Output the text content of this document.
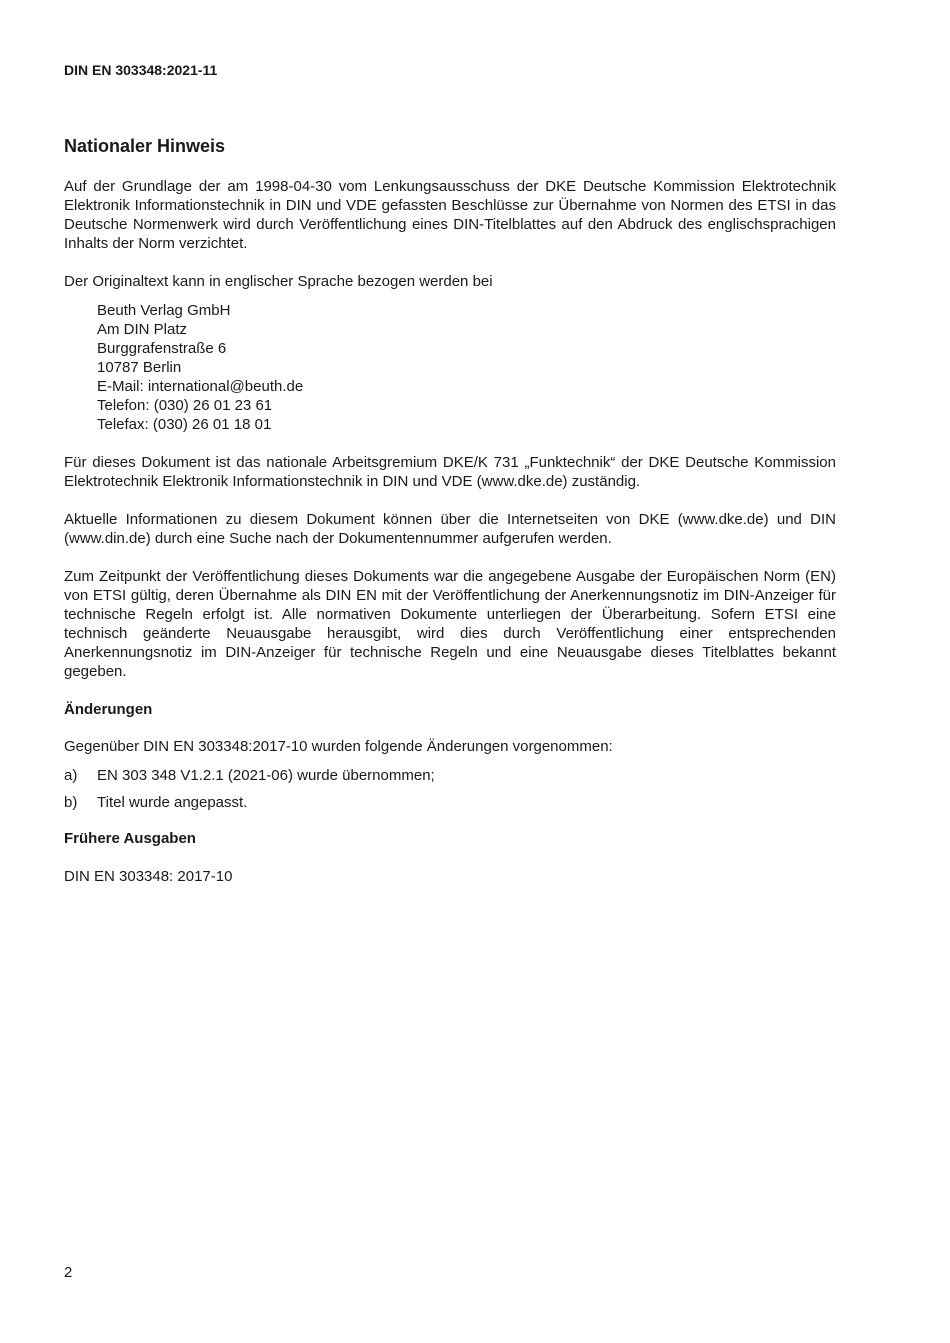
DIN EN 303348:2021-11
Nationaler Hinweis

Auf der Grundlage der am 1998-04-30 vom Lenkungsausschuss der DKE Deutsche Kommission Elektrotechnik Elektronik Informationstechnik in DIN und VDE gefassten Beschlüsse zur Übernahme von Normen des ETSI in das Deutsche Normenwerk wird durch Veröffentlichung eines DIN-Titelblattes auf den Abdruck des englischsprachigen Inhalts der Norm verzichtet.

Der Originaltext kann in englischer Sprache bezogen werden bei

Beuth Verlag GmbH
Am DIN Platz
Burggrafenstraße 6
10787 Berlin
E-Mail: international@beuth.de
Telefon: (030) 26 01 23 61
Telefax: (030) 26 01 18 01

Für dieses Dokument ist das nationale Arbeitsgremium DKE/K 731 „Funktechnik“ der DKE Deutsche Kommission Elektrotechnik Elektronik Informationstechnik in DIN und VDE (www.dke.de) zuständig.

Aktuelle Informationen zu diesem Dokument können über die Internetseiten von DKE (www.dke.de) und DIN (www.din.de) durch eine Suche nach der Dokumentennummer aufgerufen werden.

Zum Zeitpunkt der Veröffentlichung dieses Dokuments war die angegebene Ausgabe der Europäischen Norm (EN) von ETSI gültig, deren Übernahme als DIN EN mit der Veröffentlichung der Anerkennungsnotiz im DIN-Anzeiger für technische Regeln erfolgt ist. Alle normativen Dokumente unterliegen der Überarbeitung. Sofern ETSI eine technisch geänderte Neuausgabe herausgibt, wird dies durch Veröffentlichung einer entsprechenden Anerkennungsnotiz im DIN-Anzeiger für technische Regeln und eine Neuausgabe dieses Titelblattes bekannt gegeben.

Änderungen

Gegenüber DIN EN 303348:2017-10 wurden folgende Änderungen vorgenommen:

a)	EN 303 348 V1.2.1 (2021-06) wurde übernommen;
b)	Titel wurde angepasst.
Frühere Ausgaben

DIN EN 303348: 2017-10

2
